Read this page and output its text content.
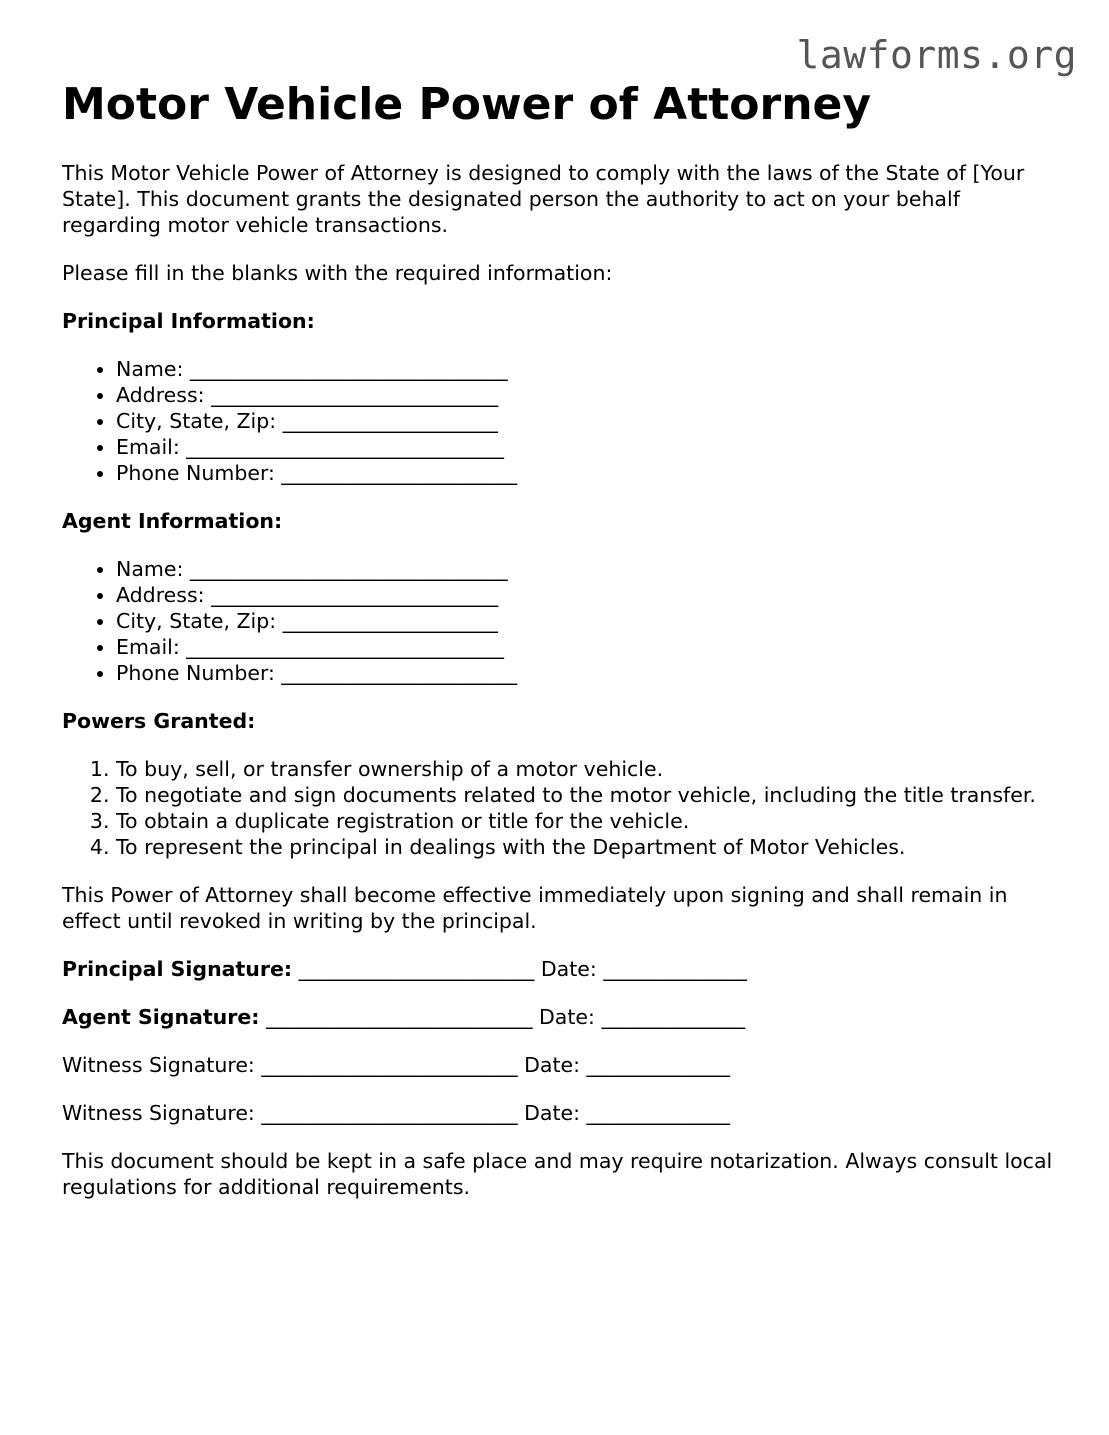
lawforms.org
Motor Vehicle Power of Attorney

This Motor Vehicle Power of Attorney is designed to comply with the laws of the State of [Your State]. This document grants the designated person the authority to act on your behalf regarding motor vehicle transactions.

Please fill in the blanks with the required information:

Principal Information:

• Name: _______________________________
• Address: ____________________________
• City, State, Zip: _____________________
• Email: _______________________________
• Phone Number: _______________________

Agent Information:

• Name: _______________________________
• Address: ____________________________
• City, State, Zip: _____________________
• Email: _______________________________
• Phone Number: _______________________

Powers Granted:

1. To buy, sell, or transfer ownership of a motor vehicle.
2. To negotiate and sign documents related to the motor vehicle, including the title transfer.
3. To obtain a duplicate registration or title for the vehicle.
4. To represent the principal in dealings with the Department of Motor Vehicles.

This Power of Attorney shall become effective immediately upon signing and shall remain in effect until revoked in writing by the principal.

Principal Signature: _______________________ Date: ______________

Agent Signature: __________________________ Date: ______________

Witness Signature: _________________________ Date: ______________

Witness Signature: _________________________ Date: ______________

This document should be kept in a safe place and may require notarization. Always consult local regulations for additional requirements.
